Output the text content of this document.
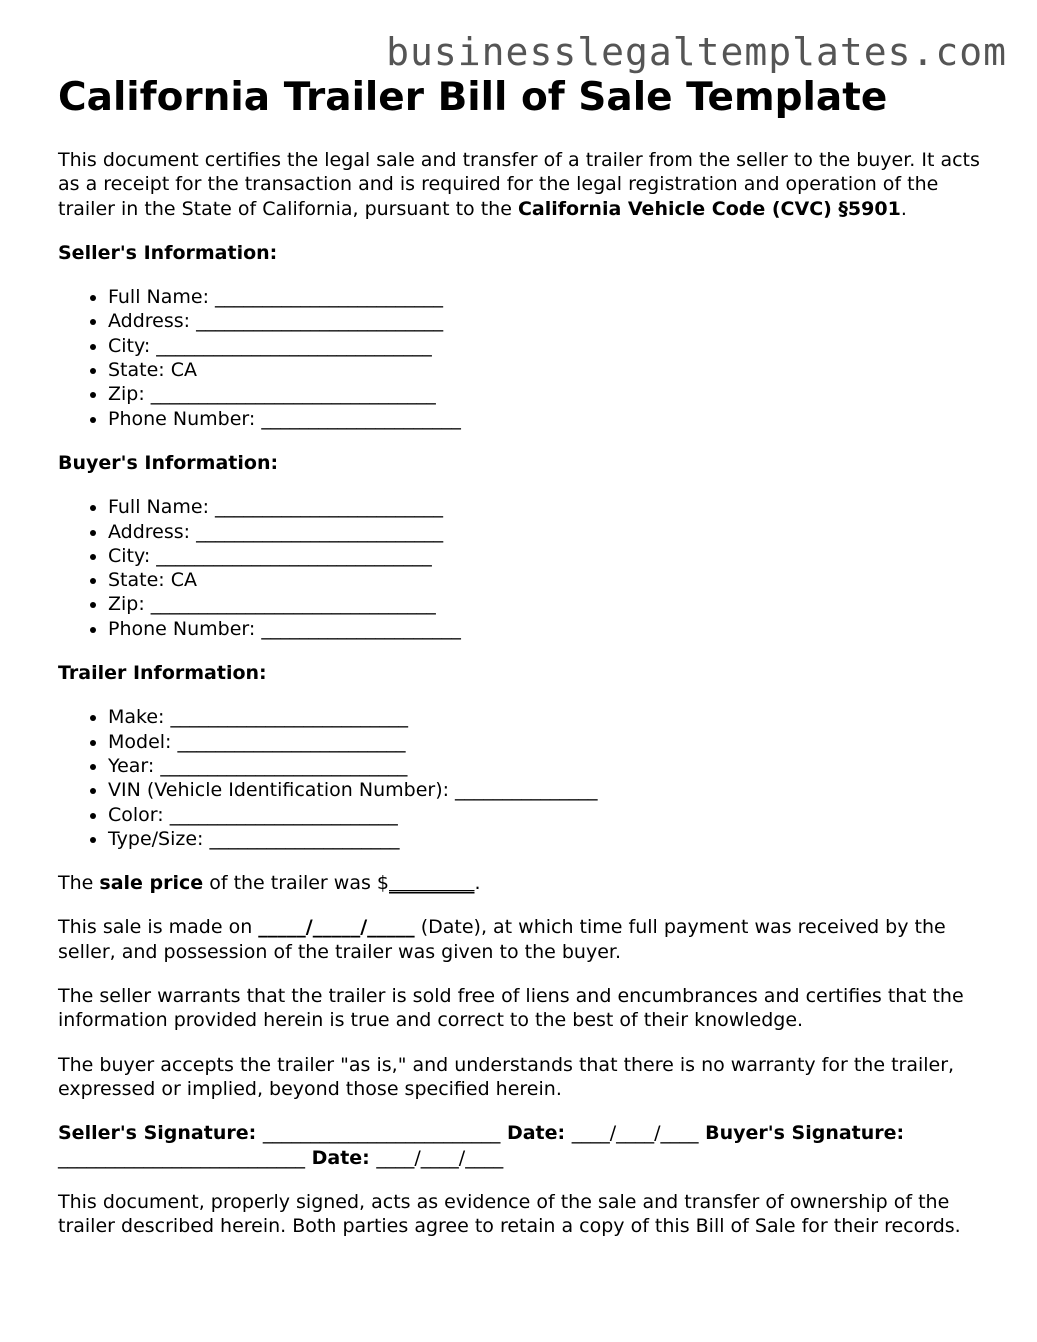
businesslegaltemplates.com
California Trailer Bill of Sale Template

This document certifies the legal sale and transfer of a trailer from the seller to the buyer. It acts as a receipt for the transaction and is required for the legal registration and operation of the trailer in the State of California, pursuant to the California Vehicle Code (CVC) §5901.

Seller's Information:
• Full Name: ________________________
• Address: __________________________
• City: _____________________________
• State: CA
• Zip: ______________________________
• Phone Number: _____________________
Buyer's Information:
• Full Name: ________________________
• Address: __________________________
• City: _____________________________
• State: CA
• Zip: ______________________________
• Phone Number: _____________________
Trailer Information:
• Make: _________________________
• Model: ________________________
• Year: __________________________
• VIN (Vehicle Identification Number): _______________
• Color: ________________________
• Type/Size: ____________________

The sale price of the trailer was $_________.

This sale is made on _____/_____/_____ (Date), at which time full payment was received by the seller, and possession of the trailer was given to the buyer.

The seller warrants that the trailer is sold free of liens and encumbrances and certifies that the information provided herein is true and correct to the best of their knowledge.

The buyer accepts the trailer "as is," and understands that there is no warranty for the trailer, expressed or implied, beyond those specified herein.

Seller's Signature: _________________________ Date: ____/____/____ Buyer's Signature: __________________________ Date: ____/____/____

This document, properly signed, acts as evidence of the sale and transfer of ownership of the trailer described herein. Both parties agree to retain a copy of this Bill of Sale for their records.
